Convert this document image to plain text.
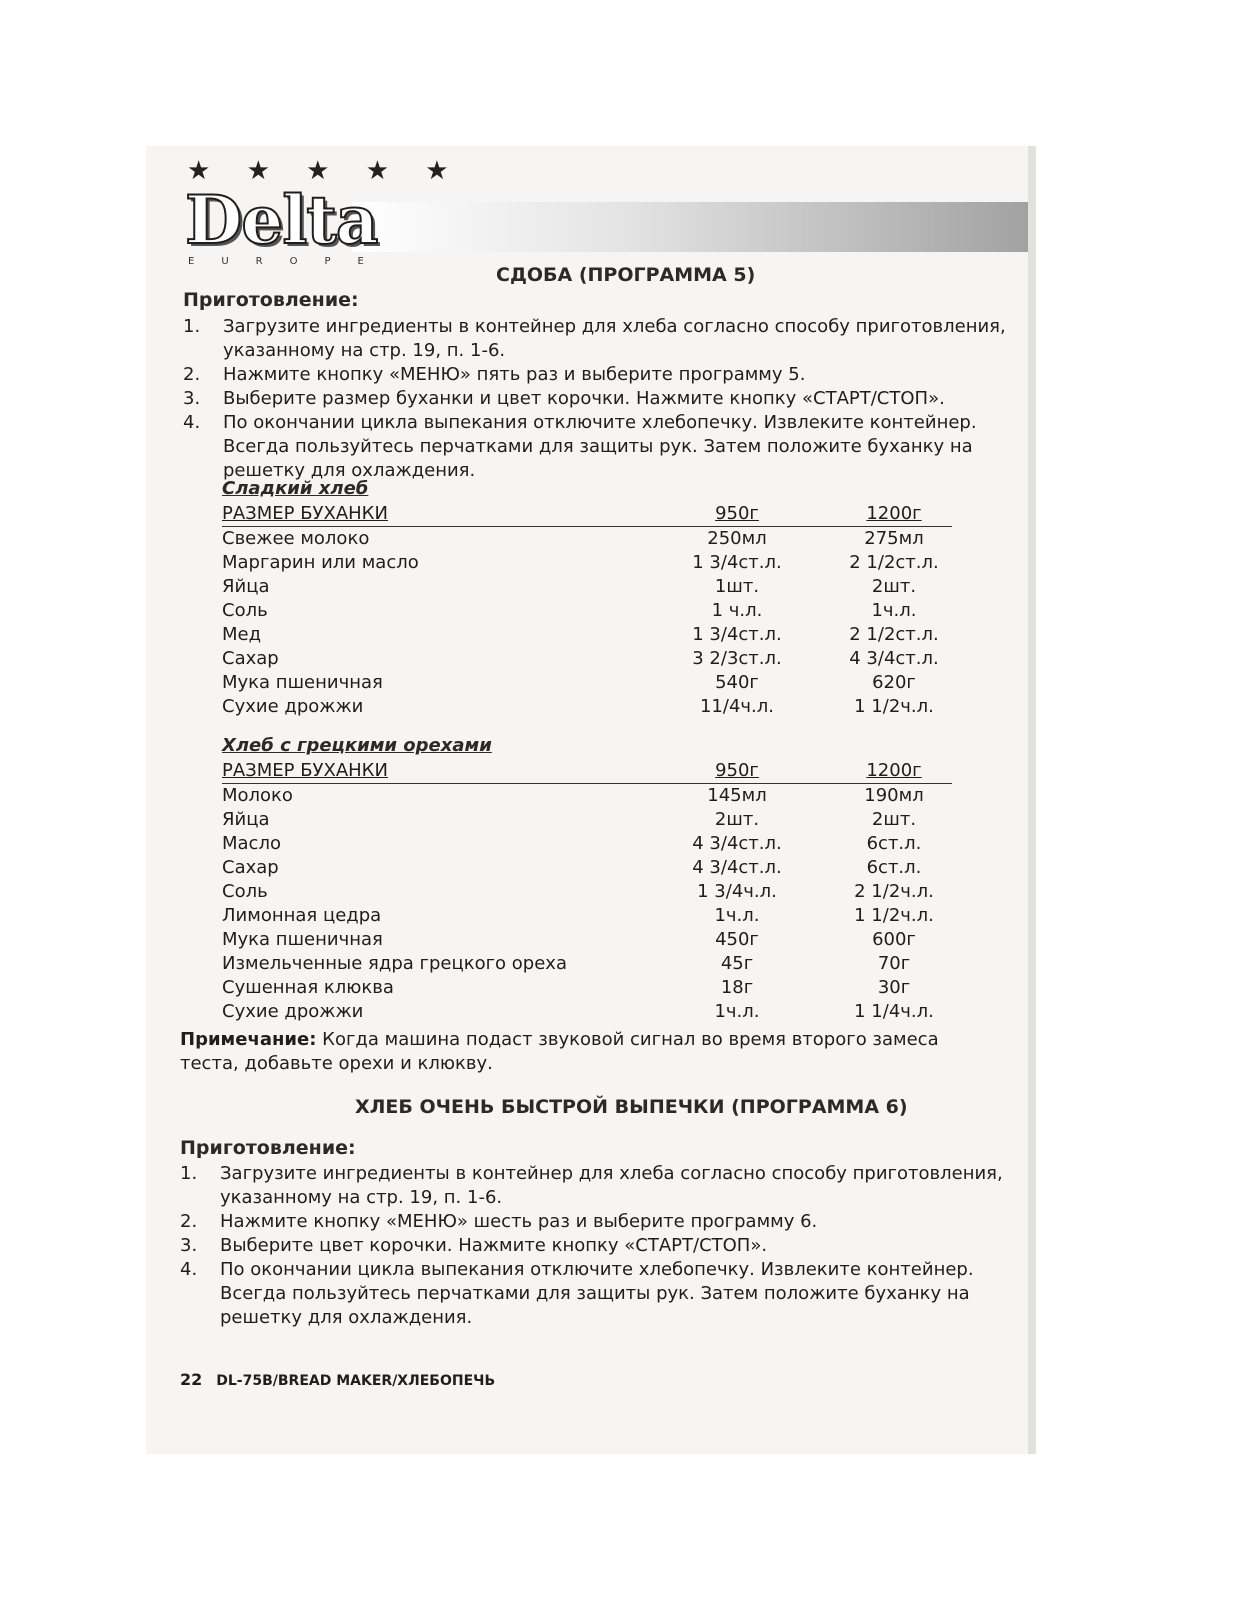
★ ★ ★ ★ ★
Delta
EUROPE
СДОБА (ПРОГРАММА 5)
Приготовление:
1. Загрузите ингредиенты в контейнер для хлеба согласно способу приготовления, указанному на стр. 19, п. 1-6.
2. Нажмите кнопку «МЕНЮ» пять раз и выберите программу 5.
3. Выберите размер буханки и цвет корочки. Нажмите кнопку «СТАРТ/СТОП».
4. По окончании цикла выпекания отключите хлебопечку. Извлеките контейнер. Всегда пользуйтесь перчатками для защиты рук. Затем положите буханку на решетку для охлаждения.
Сладкий хлеб
РАЗМЕР БУХАНКИ	950г	1200г
Свежее молоко	250мл	275мл
Маргарин или масло	1 3/4ст.л.	2 1/2ст.л.
Яйца	1шт.	2шт.
Соль	1 ч.л.	1ч.л.
Мед	1 3/4ст.л.	2 1/2ст.л.
Сахар	3 2/3ст.л.	4 3/4ст.л.
Мука пшеничная	540г	620г
Сухие дрожжи	11/4ч.л.	1 1/2ч.л.
Хлеб с грецкими орехами
РАЗМЕР БУХАНКИ	950г	1200г
Молоко	145мл	190мл
Яйца	2шт.	2шт.
Масло	4 3/4ст.л.	6ст.л.
Сахар	4 3/4ст.л.	6ст.л.
Соль	1 3/4ч.л.	2 1/2ч.л.
Лимонная цедра	1ч.л.	1 1/2ч.л.
Мука пшеничная	450г	600г
Измельченные ядра грецкого ореха	45г	70г
Сушенная клюква	18г	30г
Сухие дрожжи	1ч.л.	1 1/4ч.л.
Примечание: Когда машина подаст звуковой сигнал во время второго замеса теста, добавьте орехи и клюкву.
ХЛЕБ ОЧЕНЬ БЫСТРОЙ ВЫПЕЧКИ (ПРОГРАММА 6)
Приготовление:
1. Загрузите ингредиенты в контейнер для хлеба согласно способу приготовления, указанному на стр. 19, п. 1-6.
2. Нажмите кнопку «МЕНЮ» шесть раз и выберите программу 6.
3. Выберите цвет корочки. Нажмите кнопку «СТАРТ/СТОП».
4. По окончании цикла выпекания отключите хлебопечку. Извлеките контейнер. Всегда пользуйтесь перчатками для защиты рук. Затем положите буханку на решетку для охлаждения.
22 DL-75B/BREAD MAKER/ХЛЕБОПЕЧЬ
